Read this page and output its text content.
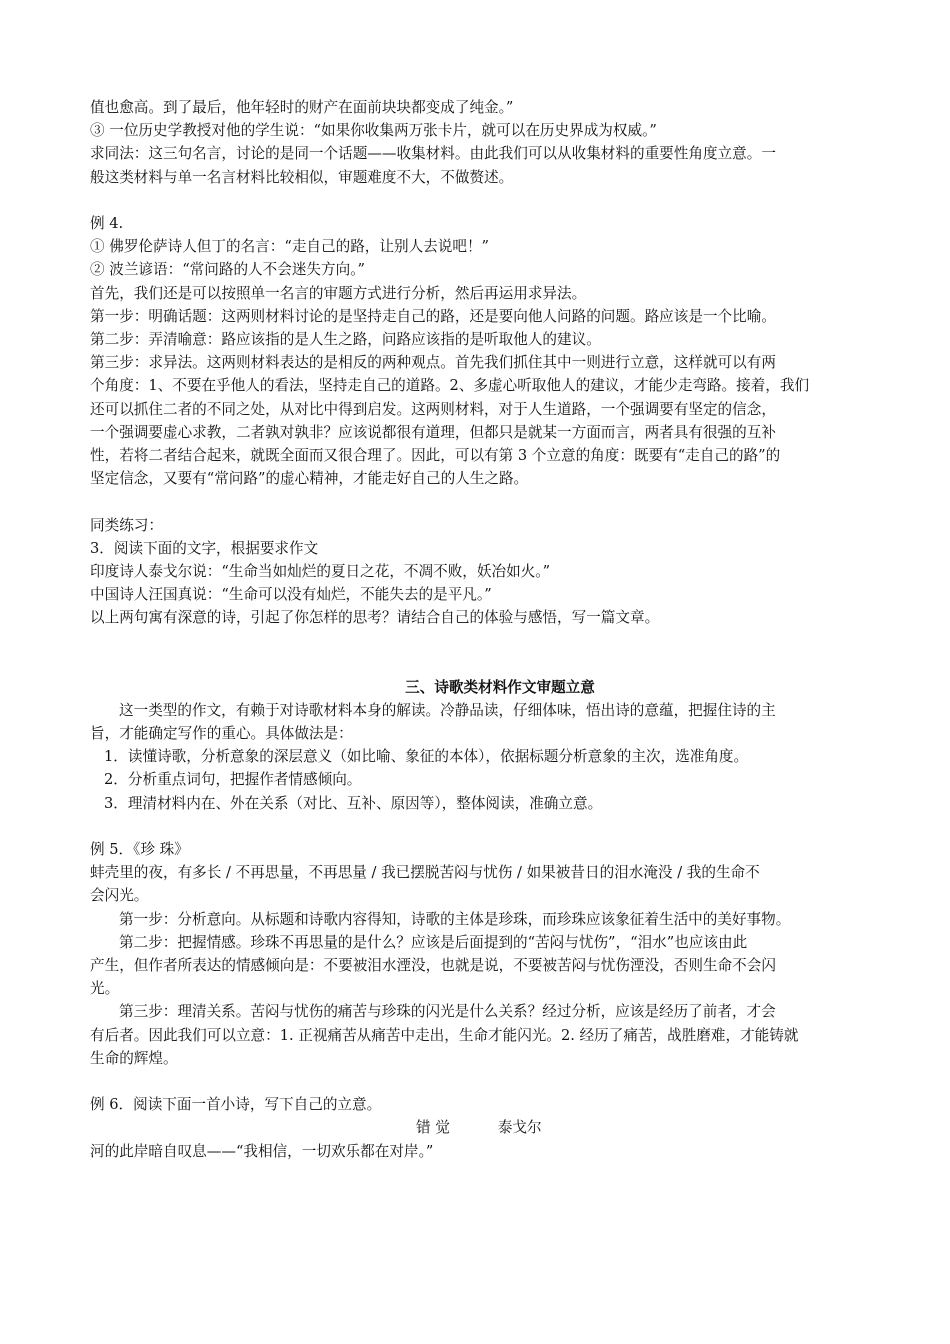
值也愈高。到了最后，他年轻时的财产在面前块块都变成了纯金。”
③ 一位历史学教授对他的学生说：“如果你收集两万张卡片，就可以在历史界成为权威。”
求同法：这三句名言，讨论的是同一个话题——收集材料。由此我们可以从收集材料的重要性角度立意。一
般这类材料与单一名言材料比较相似，审题难度不大，不做赘述。
例 4.
① 佛罗伦萨诗人但丁的名言：“走自己的路，让别人去说吧！”
② 波兰谚语：“常问路的人不会迷失方向。”
首先，我们还是可以按照单一名言的审题方式进行分析，然后再运用求异法。
第一步：明确话题：这两则材料讨论的是坚持走自己的路，还是要向他人问路的问题。路应该是一个比喻。
第二步：弄清喻意：路应该指的是人生之路，问路应该指的是听取他人的建议。
第三步：求异法。这两则材料表达的是相反的两种观点。首先我们抓住其中一则进行立意，这样就可以有两
个角度：1、不要在乎他人的看法，坚持走自己的道路。2、多虚心听取他人的建议，才能少走弯路。接着，我们
还可以抓住二者的不同之处，从对比中得到启发。这两则材料，对于人生道路，一个强调要有坚定的信念，
一个强调要虚心求教，二者孰对孰非？应该说都很有道理，但都只是就某一方面而言，两者具有很强的互补
性，若将二者结合起来，就既全面而又很合理了。因此，可以有第 3 个立意的角度：既要有“走自己的路”的
坚定信念，又要有“常问路”的虚心精神，才能走好自己的人生之路。
同类练习：
3．阅读下面的文字，根据要求作文
印度诗人泰戈尔说：“生命当如灿烂的夏日之花，不凋不败，妖冶如火。”
中国诗人汪国真说：“生命可以没有灿烂，不能失去的是平凡。”
以上两句寓有深意的诗，引起了你怎样的思考？请结合自己的体验与感悟，写一篇文章。
三、诗歌类材料作文审题立意
这一类型的作文，有赖于对诗歌材料本身的解读。冷静品读，仔细体味，悟出诗的意蕴，把握住诗的主
旨，才能确定写作的重心。具体做法是：
1．读懂诗歌，分析意象的深层意义（如比喻、象征的本体），依据标题分析意象的主次，选准角度。
2．分析重点词句，把握作者情感倾向。
3．理清材料内在、外在关系（对比、互补、原因等），整体阅读，准确立意。
例 5．《珍 珠》
蚌壳里的夜，有多长 / 不再思量，不再思量 / 我已摆脱苦闷与忧伤 / 如果被昔日的泪水淹没 / 我的生命不
会闪光。
第一步：分析意向。从标题和诗歌内容得知，诗歌的主体是珍珠，而珍珠应该象征着生活中的美好事物。
第二步：把握情感。珍珠不再思量的是什么？应该是后面提到的“苦闷与忧伤”，“泪水”也应该由此
产生，但作者所表达的情感倾向是：不要被泪水湮没，也就是说，不要被苦闷与忧伤湮没，否则生命不会闪
光。
第三步：理清关系。苦闷与忧伤的痛苦与珍珠的闪光是什么关系？经过分析，应该是经历了前者，才会
有后者。因此我们可以立意：1. 正视痛苦从痛苦中走出，生命才能闪光。2. 经历了痛苦，战胜磨难，才能铸就
生命的辉煌。
例 6．阅读下面一首小诗，写下自己的立意。
错 觉	泰戈尔
河的此岸暗自叹息——“我相信，一切欢乐都在对岸。”
